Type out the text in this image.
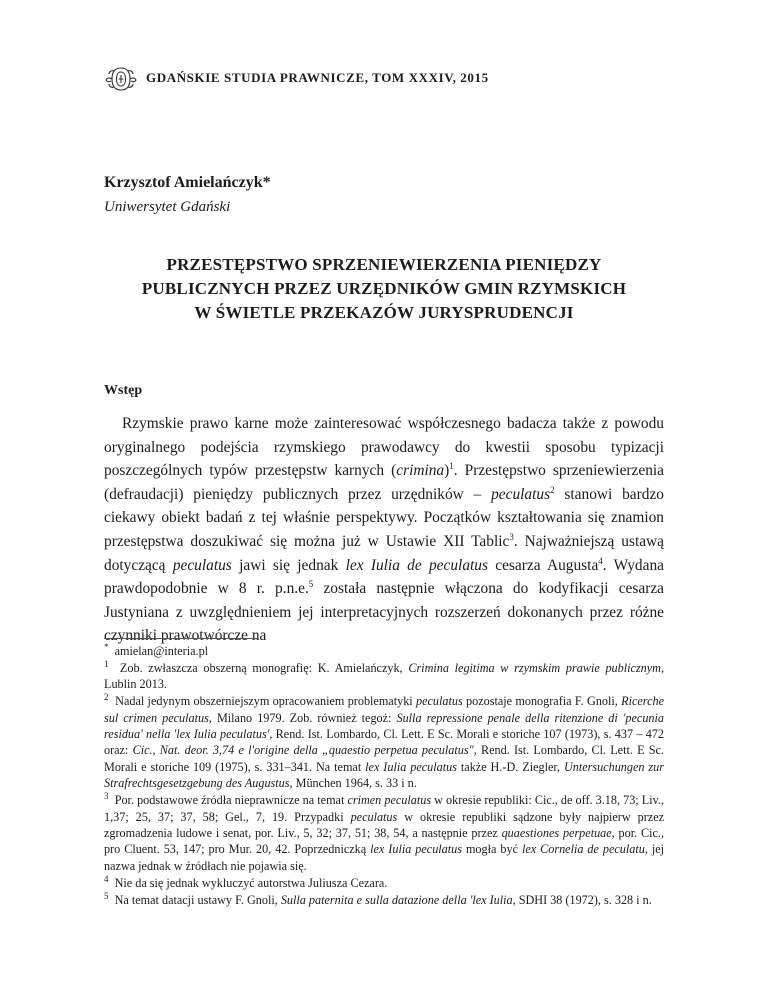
GDAŃSKIE STUDIA PRAWNICZE, TOM XXXIV, 2015
Krzysztof Amielańczyk*
Uniwersytet Gdański
PRZESTĘPSTWO SPRZENIEWIERZENIA PIENIĘDZY
PUBLICZNYCH PRZEZ URZĘDNIKÓW GMIN RZYMSKICH
W ŚWIETLE PRZEKAZÓW JURYSPRUDENCJI
Wstęp

Rzymskie prawo karne może zainteresować współczesnego badacza także z powodu oryginalnego podejścia rzymskiego prawodawcy do kwestii sposobu typizacji poszczególnych typów przestępstw karnych $(crimina)^1$. Przestępstwo sprzeniewierzenia (defraudacji) pieniędzy publicznych przez urzędników – peculatus$^2$ stanowi bardzo ciekawy obiekt badań z tej właśnie perspektywy. Początków kształtowania się znamion przestępstwa doszukiwać się można już w Ustawie XII Tablic$^3$. Najważniejszą ustawą dotyczącą peculatus jawi się jednak lex Iulia de peculatus cesarza Augusta$^4$. Wydana prawdopodobnie w 8 r. p.n.e.$^5$ została następnie włączona do kodyfikacji cesarza Justyniana z uwzględnieniem jej interpretacyjnych rozszerzeń dokonanych przez różne czynniki prawotwórcze na

* amielan@interia.pl

$^1$ Zob. zwłaszcza obszerną monografię: K. Amielańczyk, Crimina legitima w rzymskim prawie publicznym, Lublin 2013.

$^2$ Nadal jedynym obszerniejszym opracowaniem problematyki peculatus pozostaje monografia F. Gnoli, Ricerche sul crimen peculatus, Milano 1979. Zob. również tegoż: Sulla repressione penale della ritenzione di 'pecunia residua' nella 'lex Iulia peculatus', Rend. Ist. Lombardo, Cl. Lett. E Sc. Morali e storiche 107 (1973), s. 437 – 472 oraz: Cic., Nat. deor. 3,74 e l'origine della „quaestio perpetua peculatus", Rend. Ist. Lombardo, Cl. Lett. E Sc. Morali e storiche 109 (1975), s. 331–341. Na temat lex Iulia peculatus także H.-D. Ziegler, Untersuchungen zur Strafrechtsgesetzgebung des Augustus, München 1964, s. 33 i n.

$^3$ Por. podstawowe źródła nieprawnicze na temat crimen peculatus w okresie republiki: Cic., de off. 3.18, 73; Liv., 1,37; 25, 37; 37, 58; Gel., 7, 19. Przypadki peculatus w okresie republiki sądzone były najpierw przez zgromadzenia ludowe i senat, por. Liv., 5, 32; 37, 51; 38, 54, a następnie przez quaestiones perpetuae, por. Cic., pro Cluent. 53, 147; pro Mur. 20, 42. Poprzedniczką lex Iulia peculatus mogła być lex Cornelia de peculatu, jej nazwa jednak w źródłach nie pojawia się.

$^4$ Nie da się jednak wykluczyć autorstwa Juliusza Cezara.

$^5$ Na temat datacji ustawy F. Gnoli, Sulla paternita e sulla datazione della 'lex Iulia, SDHI 38 (1972), s. 328 i n.
